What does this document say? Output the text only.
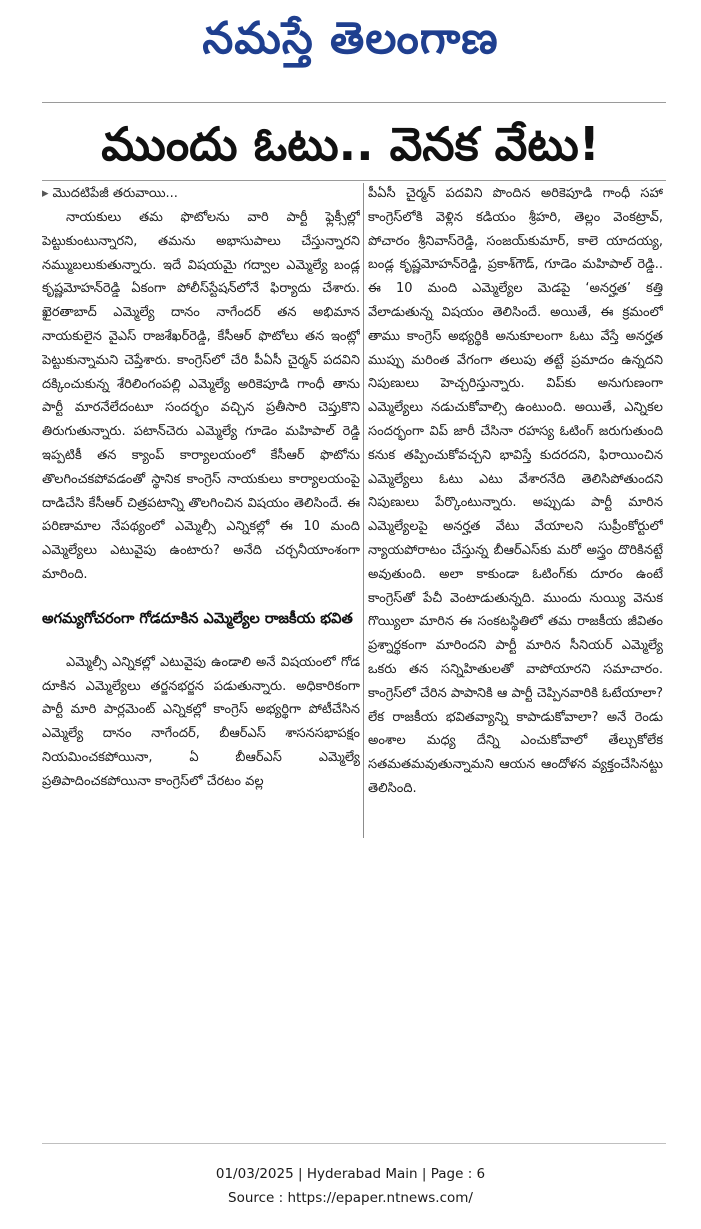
నమస్తే తెలంగాణ
ముందు ఓటు.. వెనక వేటు!
▸ మొదటిపేజీ తరువాయి...

నాయకులు తమ ఫొటోలను వారి పార్టీ ఫ్లెక్సీల్లో పెట్టుకుంటున్నారని, తమను అభాసుపాలు చేస్తున్నారని నమ్ముబలుకుతున్నారు. ఇదే విషయమై గద్వాల ఎమ్మెల్యే బండ్ల కృష్ణమోహన్‌రెడ్డి ఏకంగా పోలీస్‌స్టేషన్‌లోనే ఫిర్యాదు చేశారు. ఖైరతాబాద్ ఎమ్మెల్యే దానం నాగేందర్ తన అభిమాన నాయకులైన వైఎస్ రాజశేఖర్‌రెడ్డి, కేసీఆర్ ఫొటోలు తన ఇంట్లో పెట్టుకున్నామని చెప్తేశారు. కాంగ్రెస్‌లో చేరి పీఏసీ చైర్మన్ పదవిని దక్కించుకున్న శేరిలింగంపల్లి ఎమ్మెల్యే అరికెపూడి గాంధీ తాను పార్టీ మారనేలేదంటూ సందర్భం వచ్చిన ప్రతీసారి చెప్తుకొని తిరుగుతున్నారు. పటాన్‌చెరు ఎమ్మెల్యే గూడెం మహిపాల్ రెడ్డి ఇప్పటికీ తన క్యాంప్ కార్యాలయంలో కేసీఆర్ ఫొటోను తొలగించకపోవడంతో స్థానిక కాంగ్రెస్ నాయకులు కార్యాలయంపై దాడిచేసి కేసీఆర్ చిత్రపటాన్ని తొలగించిన విషయం తెలిసిందే. ఈ పరిణామాల నేపథ్యంలో ఎమ్మెల్సీ ఎన్నికల్లో ఈ 10 మంది ఎమ్మెల్యేలు ఎటువైపు ఉంటారు? అనేది చర్చనీయాంశంగా మారింది.

అగమ్యగోచరంగా గోడదూకిన ఎమ్మెల్యేల రాజకీయ భవిత

ఎమ్మెల్సీ ఎన్నికల్లో ఎటువైపు ఉండాలి అనే విషయంలో గోడ దూకిన ఎమ్మెల్యేలు తర్జనభర్జన పడుతున్నారు. అధికారికంగా పార్టీ మారి పార్లమెంట్ ఎన్నికల్లో కాంగ్రెస్ అభ్యర్థిగా పోటీచేసిన ఎమ్మెల్యే దానం నాగేందర్, బీఆర్‌ఎస్ శాసనసభాపక్షం నియమించకపోయినా, ఏ బీఆర్‌ఎస్ ఎమ్మెల్యే ప్రతిపాదించకపోయినా కాంగ్రెస్‌లో చేరటం వల్ల

పీఏసీ చైర్మన్ పదవిని పొందిన అరికెపూడి గాంధీ సహా కాంగ్రెస్‌లోకి వెళ్లిన కడియం శ్రీహరి, తెల్లం వెంకట్రావ్, పోచారం శ్రీనివాస్‌రెడ్డి, సంజయ్‌కుమార్, కాలె యాదయ్య, బండ్ల కృష్ణమోహన్‌రెడ్డి, ప్రకాశ్‌గౌడ్, గూడెం మహిపాల్ రెడ్డి.. ఈ 10 మంది ఎమ్మెల్యేల మెడపై ‘అనర్హత’ కత్తి వేలాడుతున్న విషయం తెలిసిందే. అయితే, ఈ క్రమంలో తాము కాంగ్రెస్ అభ్యర్థికి అనుకూలంగా ఓటు వేస్తే అనర్హత ముప్పు మరింత వేగంగా తలుపు తట్టే ప్రమాదం ఉన్నదని నిపుణులు హెచ్చరిస్తున్నారు. విప్‌కు అనుగుణంగా ఎమ్మెల్యేలు నడుచుకోవాల్సి ఉంటుంది. అయితే, ఎన్నికల సందర్భంగా విప్ జారీ చేసినా రహస్య ఓటింగ్ జరుగుతుంది కనుక తప్పించుకోవచ్చని భావిస్తే కుదరదని, ఫిరాయించిన ఎమ్మెల్యేలు ఓటు ఎటు వేశారనేది తెలిసిపోతుందని నిపుణులు పేర్కొంటున్నారు. అప్పుడు పార్టీ మారిన ఎమ్మెల్యేలపై అనర్హత వేటు వేయాలని సుప్రీంకోర్టులో న్యాయపోరాటం చేస్తున్న బీఆర్‌ఎస్‌కు మరో అస్త్రం దొరికినట్టే అవుతుంది. అలా కాకుండా ఓటింగ్‌కు దూరం ఉంటే కాంగ్రెస్‌తో పేచీ వెంటాడుతున్నది. ముందు నుయ్యి వెనుక గొయ్యిలా మారిన ఈ సంకటస్థితిలో తమ రాజకీయ జీవితం ప్రశ్నార్థకంగా మారిందని పార్టీ మారిన సీనియర్ ఎమ్మెల్యే ఒకరు తన సన్నిహితులతో వాపోయారని సమాచారం. కాంగ్రెస్‌లో చేరిన పాపానికి ఆ పార్టీ చెప్పినవారికి ఓటేయాలా? లేక రాజకీయ భవితవ్యాన్ని కాపాడుకోవాలా? అనే రెండు అంశాల మధ్య దేన్ని ఎంచుకోవాలో తేల్చుకోలేక సతమతమవుతున్నామని ఆయన ఆందోళన వ్యక్తంచేసినట్టు తెలిసింది.

01/03/2025 | Hyderabad Main | Page : 6
Source : https://epaper.ntnews.com/
